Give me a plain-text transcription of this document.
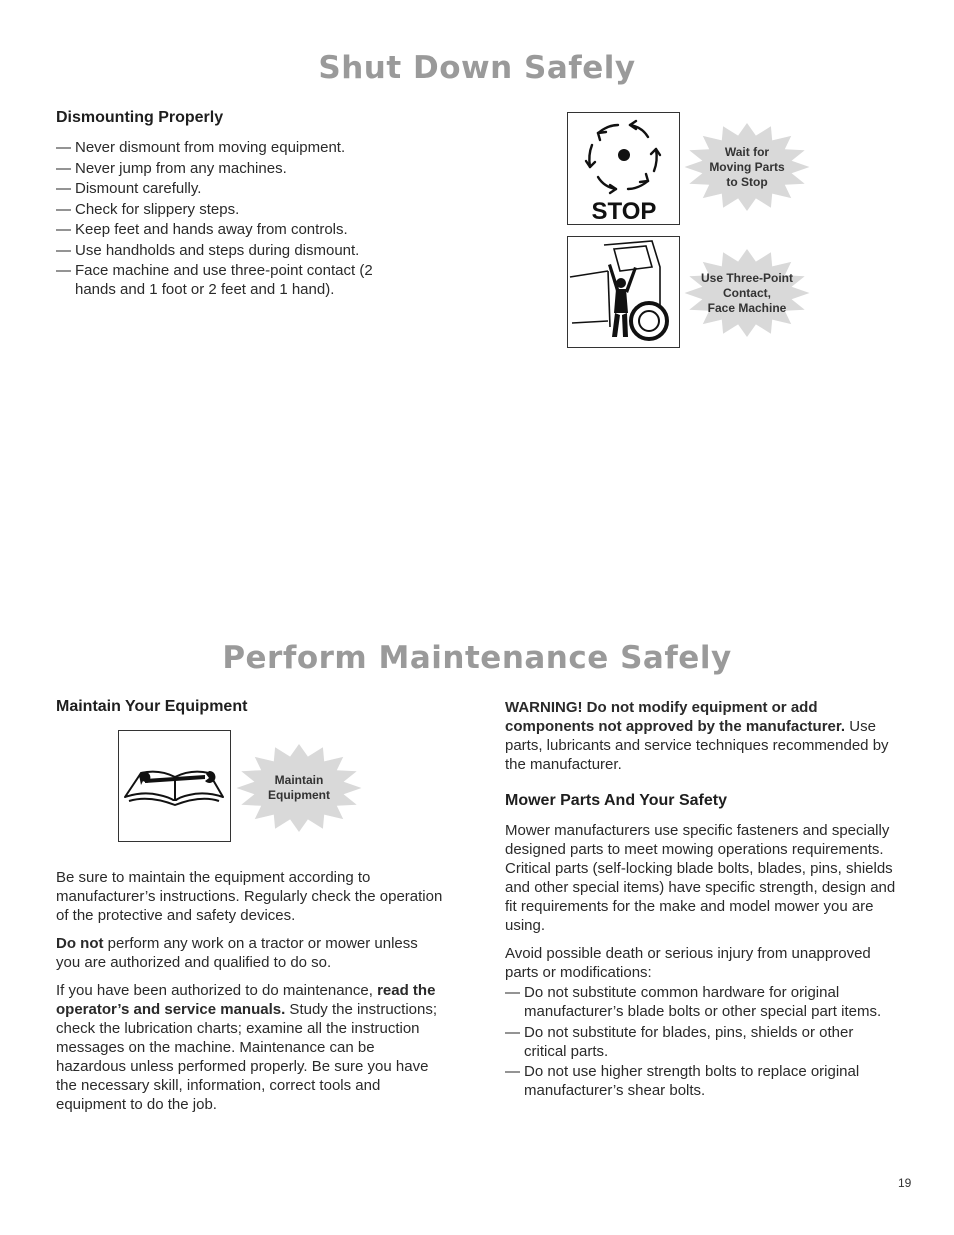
Shut Down Safely
Dismounting Properly
— Never dismount from moving equipment.
— Never jump from any machines.
— Dismount carefully.
— Check for slippery steps.
— Keep feet and hands away from controls.
— Use handholds and steps during dismount.
— Face machine and use three-point contact (2 hands and 1 foot or 2 feet and 1 hand).
STOP
Wait for
Moving Parts
to Stop
Use Three-Point
Contact,
Face Machine
Perform Maintenance Safely
Maintain Your Equipment
Maintain
Equipment

Be sure to maintain the equipment according to manufacturer’s instructions. Regularly check the operation of the protective and safety devices.

Do not perform any work on a tractor or mower unless you are authorized and qualified to do so.

If you have been authorized to do maintenance, read the operator’s and service manuals. Study the instructions; check the lubrication charts; examine all the instruction messages on the machine. Maintenance can be hazardous unless performed properly. Be sure you have the necessary skill, information, correct tools and equipment to do the job.

WARNING! Do not modify equipment or add components not approved by the manufacturer. Use parts, lubricants and service techniques recommended by the manufacturer.

Mower Parts And Your Safety

Mower manufacturers use specific fasteners and specially designed parts to meet mowing operations requirements. Critical parts (self-locking blade bolts, blades, pins, shields and other special items) have specific strength, design and fit requirements for the make and model mower you are using.

Avoid possible death or serious injury from unapproved parts or modifications:

— Do not substitute common hardware for original manufacturer’s blade bolts or other special part items.
— Do not substitute for blades, pins, shields or other critical parts.
— Do not use higher strength bolts to replace original manufacturer’s shear bolts.
19
